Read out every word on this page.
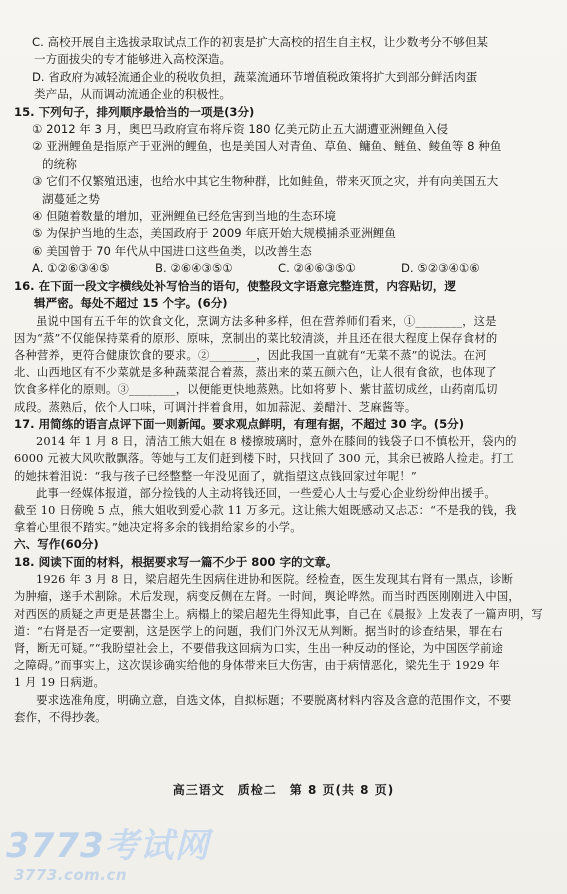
C. 高校开展自主选拔录取试点工作的初衷是扩大高校的招生自主权，让少数考分不够但某

一方面拔尖的专才能够进入高校深造。

D. 省政府为减轻流通企业的税收负担，蔬菜流通环节增值税政策将扩大到部分鲜活肉蛋

类产品，从而调动流通企业的积极性。

15. 下列句子，排列顺序最恰当的一项是(3分)

① 2012 年 3 月，奥巴马政府宣布将斥资 180 亿美元防止五大湖遭亚洲鲤鱼入侵

② 亚洲鲤鱼是指原产于亚洲的鲤鱼，也是美国人对青鱼、草鱼、鳙鱼、鲢鱼、鲮鱼等 8 种鱼

的统称

③ 它们不仅繁殖迅速，也给水中其它生物种群，比如鲑鱼，带来灭顶之灾，并有向美国五大

湖蔓延之势

④ 但随着数量的增加，亚洲鲤鱼已经危害到当地的生态环境

⑤ 为保护当地的生态，美国政府于 2009 年底开始大规模捕杀亚洲鲤鱼

⑥ 美国曾于 70 年代从中国进口这些鱼类，以改善生态

A. ①②⑥③④⑤	B. ②⑥④③⑤①	C. ②④⑥③⑤①	D. ⑤②③④①⑥

16. 在下面一段文字横线处补写恰当的语句，使整段文字语意完整连贯，内容贴切，逻

辑严密。每处不超过 15 个字。(6分)

虽说中国有五千年的饮食文化，烹调方法多种多样，但在营养师们看来，①________，这是

因为“蒸”不仅能保持菜肴的原形、原味，烹制出的菜比较清淡，并且还在很大程度上保存食材的

各种营养，更符合健康饮食的要求。②________，因此我国一直就有“无菜不蒸”的说法。在河

北、山西地区有不少菜就是多种蔬菜混合着蒸，蒸出来的菜五颜六色，让人很有食欲，也体现了

饮食多样化的原则。③________，以便能更快地蒸熟。比如将萝卜、紫甘蓝切成丝，山药南瓜切

成段。蒸熟后，依个人口味，可调汁拌着食用，如加蒜泥、姜醋汁、芝麻酱等。

17. 用简练的语言点评下面一则新闻。要求观点鲜明，有理有据，不超过 30 字。(5分)

2014 年 1 月 8 日，清洁工熊大姐在 8 楼擦玻璃时，意外在膝间的钱袋子口不慎松开，袋内的

6000 元被大风吹散飘落。等她与工友们赶到楼下时，只找回了 300 元，其余已被路人捡走。打工

的她抹着泪说：“我与孩子已经整整一年没见面了，就指望这点钱回家过年呢！”

此事一经媒体报道，部分捡钱的人主动将钱还回，一些爱心人士与爱心企业纷纷伸出援手。

截至 10 日傍晚 5 点，熊大姐收到爱心款 11 万多元。这让熊大姐既感动又忐忑：“不是我的钱，我

拿着心里很不踏实。”她决定将多余的钱捐给家乡的小学。

六、写作(60分)

18. 阅读下面的材料，根据要求写一篇不少于 800 字的文章。

1926 年 3 月 8 日，梁启超先生因病住进协和医院。经检查，医生发现其右肾有一黑点，诊断

为肿瘤，遂手术割除。术后发现，病变反侧在左肾。一时间，舆论哗然。而当时西医刚刚进入中国，

对西医的质疑之声更是甚嚣尘上。病榻上的梁启超先生得知此事，自己在《晨报》上发表了一篇声明，写

道：“右肾是否一定要割，这是医学上的问题，我们门外汉无从判断。据当时的诊查结果，罪在右

肾，断无可疑。”“我盼望社会上，不要借我这回病为口实，生出一种反动的怪论，为中国医学前途

之障碍。”而事实上，这次误诊确实给他的身体带来巨大伤害，由于病情恶化，梁先生于 1929 年

1 月 19 日病逝。

要求选准角度，明确立意，自选文体，自拟标题；不要脱离材料内容及含意的范围作文，不要

套作，不得抄袭。

高三语文　质检二　第 8 页(共 8 页)
3773考试网
3773.com.cn
